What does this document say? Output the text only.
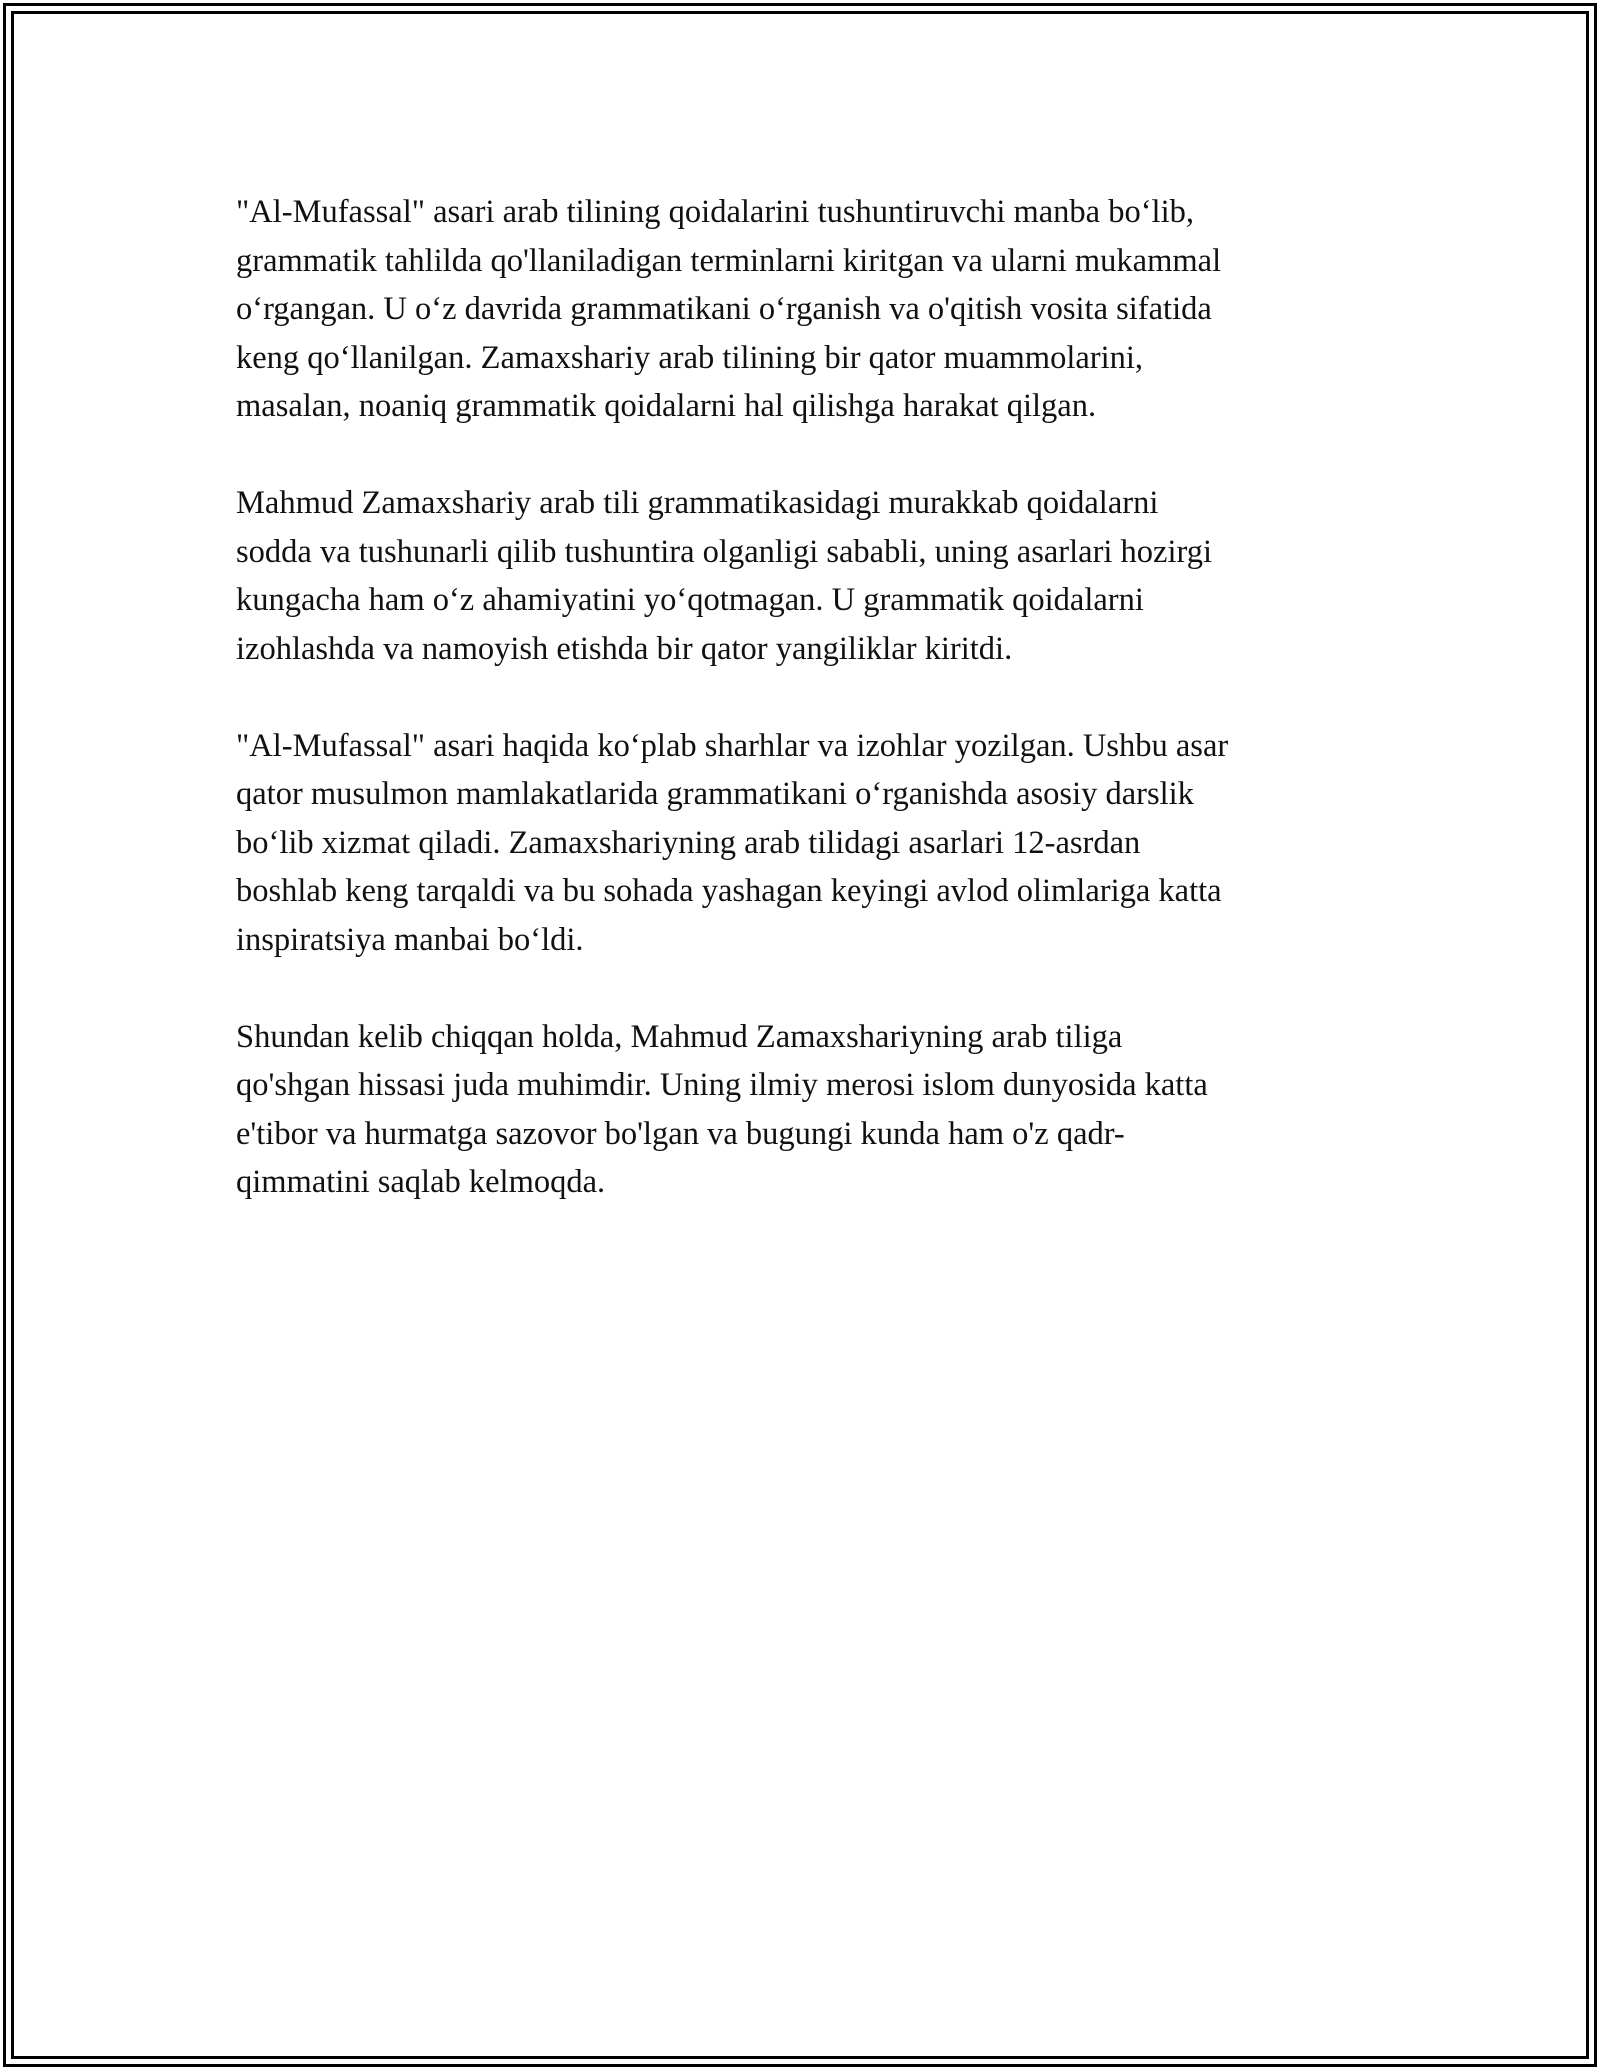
"Al-Mufassal" asari arab tilining qoidalarini tushuntiruvchi manba bo‘lib,
grammatik tahlilda qo'llaniladigan terminlarni kiritgan va ularni mukammal
o‘rgangan. U o‘z davrida grammatikani o‘rganish va o'qitish vosita sifatida
keng qo‘llanilgan. Zamaxshariy arab tilining bir qator muammolarini,
masalan, noaniq grammatik qoidalarni hal qilishga harakat qilgan.

Mahmud Zamaxshariy arab tili grammatikasidagi murakkab qoidalarni
sodda va tushunarli qilib tushuntira olganligi sababli, uning asarlari hozirgi
kungacha ham o‘z ahamiyatini yo‘qotmagan. U grammatik qoidalarni
izohlashda va namoyish etishda bir qator yangiliklar kiritdi.

"Al-Mufassal" asari haqida ko‘plab sharhlar va izohlar yozilgan. Ushbu asar
qator musulmon mamlakatlarida grammatikani o‘rganishda asosiy darslik
bo‘lib xizmat qiladi. Zamaxshariyning arab tilidagi asarlari 12-asrdan
boshlab keng tarqaldi va bu sohada yashagan keyingi avlod olimlariga katta
inspiratsiya manbai bo‘ldi.

Shundan kelib chiqqan holda, Mahmud Zamaxshariyning arab tiliga
qo'shgan hissasi juda muhimdir. Uning ilmiy merosi islom dunyosida katta
e'tibor va hurmatga sazovor bo'lgan va bugungi kunda ham o'z qadr-
qimmatini saqlab kelmoqda.
